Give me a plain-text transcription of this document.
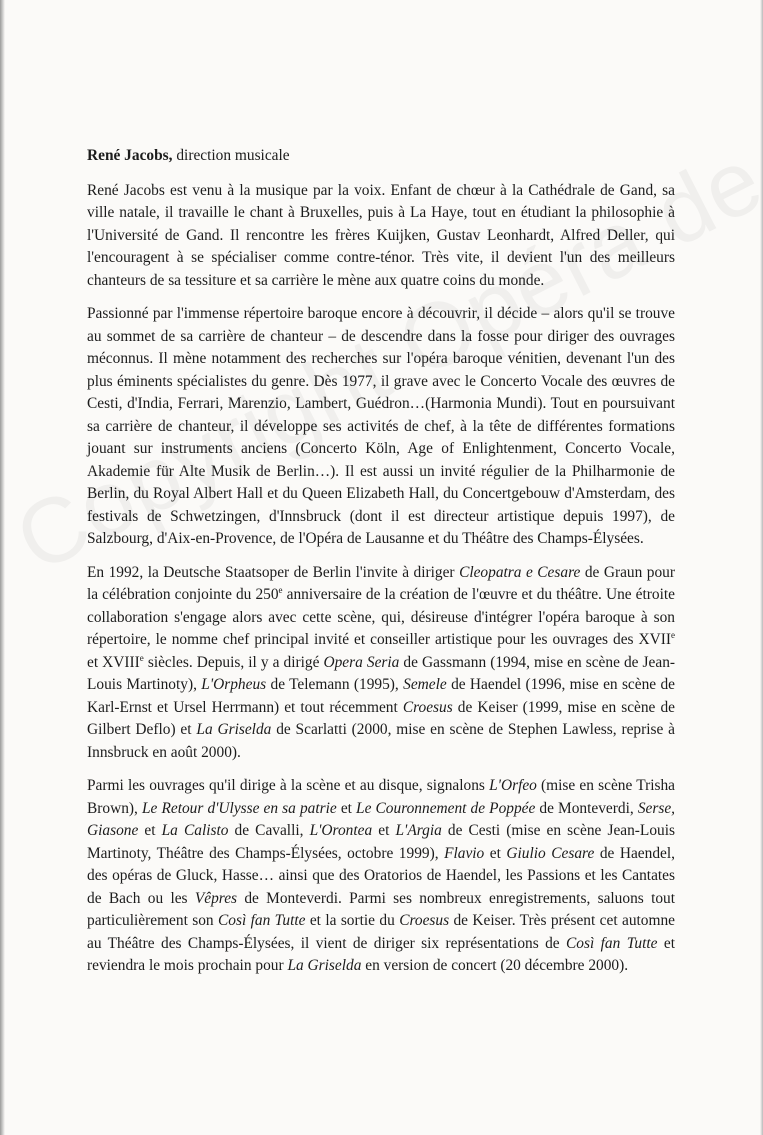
René Jacobs, direction musicale

René Jacobs est venu à la musique par la voix. Enfant de chœur à la Cathédrale de Gand, sa ville natale, il travaille le chant à Bruxelles, puis à La Haye, tout en étudiant la philosophie à l'Université de Gand. Il rencontre les frères Kuijken, Gustav Leonhardt, Alfred Deller, qui l'encouragent à se spécialiser comme contre-ténor. Très vite, il devient l'un des meilleurs chanteurs de sa tessiture et sa carrière le mène aux quatre coins du monde.

Passionné par l'immense répertoire baroque encore à découvrir, il décide – alors qu'il se trouve au sommet de sa carrière de chanteur – de descendre dans la fosse pour diriger des ouvrages méconnus. Il mène notamment des recherches sur l'opéra baroque vénitien, devenant l'un des plus éminents spécialistes du genre. Dès 1977, il grave avec le Concerto Vocale des œuvres de Cesti, d'India, Ferrari, Marenzio, Lambert, Guédron…(Harmonia Mundi). Tout en poursuivant sa carrière de chanteur, il développe ses activités de chef, à la tête de différentes formations jouant sur instruments anciens (Concerto Köln, Age of Enlightenment, Concerto Vocale, Akademie für Alte Musik de Berlin…). Il est aussi un invité régulier de la Philharmonie de Berlin, du Royal Albert Hall et du Queen Elizabeth Hall, du Concertgebouw d'Amsterdam, des festivals de Schwetzingen, d'Innsbruck (dont il est directeur artistique depuis 1997), de Salzbourg, d'Aix-en-Provence, de l'Opéra de Lausanne et du Théâtre des Champs-Élysées.

En 1992, la Deutsche Staatsoper de Berlin l'invite à diriger Cleopatra e Cesare de Graun pour la célébration conjointe du 250e anniversaire de la création de l'œuvre et du théâtre. Une étroite collaboration s'engage alors avec cette scène, qui, désireuse d'intégrer l'opéra baroque à son répertoire, le nomme chef principal invité et conseiller artistique pour les ouvrages des XVIIe et XVIIIe siècles. Depuis, il y a dirigé Opera Seria de Gassmann (1994, mise en scène de Jean-Louis Martinoty), L'Orpheus de Telemann (1995), Semele de Haendel (1996, mise en scène de Karl-Ernst et Ursel Herrmann) et tout récemment Croesus de Keiser (1999, mise en scène de Gilbert Deflo) et La Griselda de Scarlatti (2000, mise en scène de Stephen Lawless, reprise à Innsbruck en août 2000).

Parmi les ouvrages qu'il dirige à la scène et au disque, signalons L'Orfeo (mise en scène Trisha Brown), Le Retour d'Ulysse en sa patrie et Le Couronnement de Poppée de Monteverdi, Serse, Giasone et La Calisto de Cavalli, L'Orontea et L'Argia de Cesti (mise en scène Jean-Louis Martinoty, Théâtre des Champs-Élysées, octobre 1999), Flavio et Giulio Cesare de Haendel, des opéras de Gluck, Hasse… ainsi que des Oratorios de Haendel, les Passions et les Cantates de Bach ou les Vêpres de Monteverdi. Parmi ses nombreux enregistrements, saluons tout particulièrement son Così fan Tutte et la sortie du Croesus de Keiser. Très présent cet automne au Théâtre des Champs-Élysées, il vient de diriger six représentations de Così fan Tutte et reviendra le mois prochain pour La Griselda en version de concert (20 décembre 2000).
